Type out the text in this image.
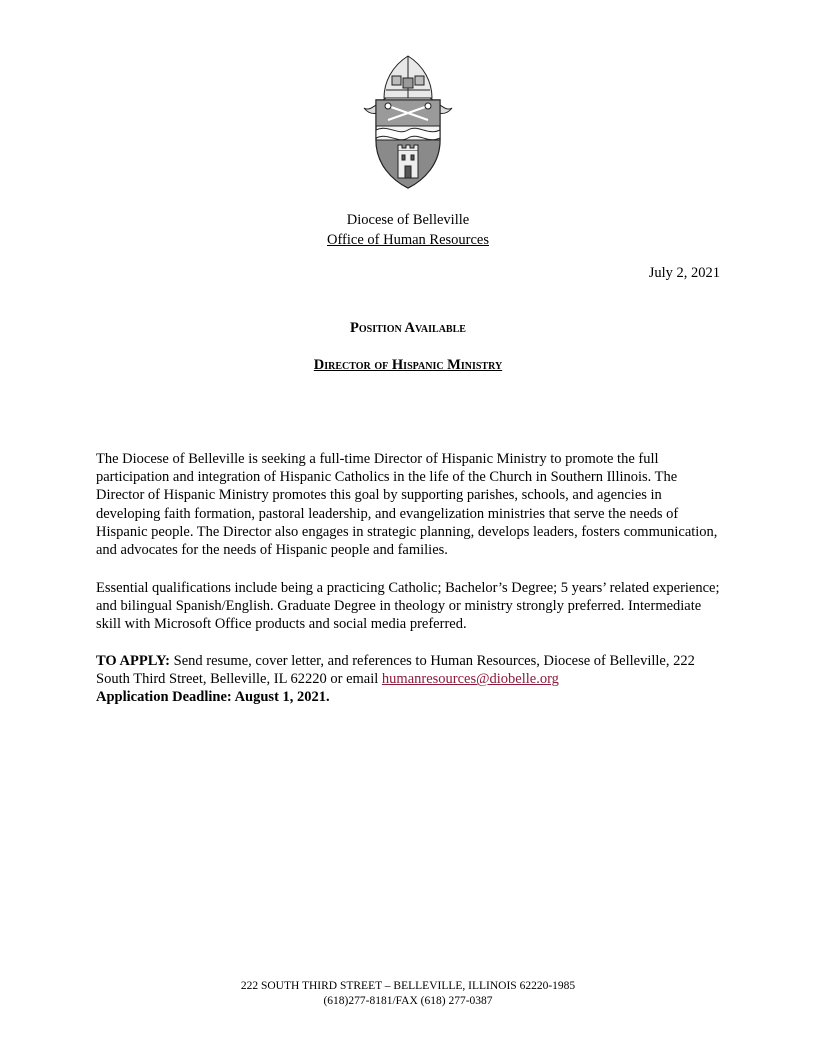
Diocese of Belleville
Office of Human Resources
July 2, 2021
Position Available
Director of Hispanic Ministry

The Diocese of Belleville is seeking a full-time Director of Hispanic Ministry to promote the full participation and integration of Hispanic Catholics in the life of the Church in Southern Illinois. The Director of Hispanic Ministry promotes this goal by supporting parishes, schools, and agencies in developing faith formation, pastoral leadership, and evangelization ministries that serve the needs of Hispanic people. The Director also engages in strategic planning, develops leaders, fosters communication, and advocates for the needs of Hispanic people and families.

Essential qualifications include being a practicing Catholic; Bachelor’s Degree; 5 years’ related experience; and bilingual Spanish/English. Graduate Degree in theology or ministry strongly preferred. Intermediate skill with Microsoft Office products and social media preferred.

TO APPLY: Send resume, cover letter, and references to Human Resources, Diocese of Belleville, 222 South Third Street, Belleville, IL 62220 or email humanresources@diobelle.org
Application Deadline: August 1, 2021.

222 SOUTH THIRD STREET – BELLEVILLE, ILLINOIS 62220-1985
(618)277-8181/FAX (618) 277-0387
